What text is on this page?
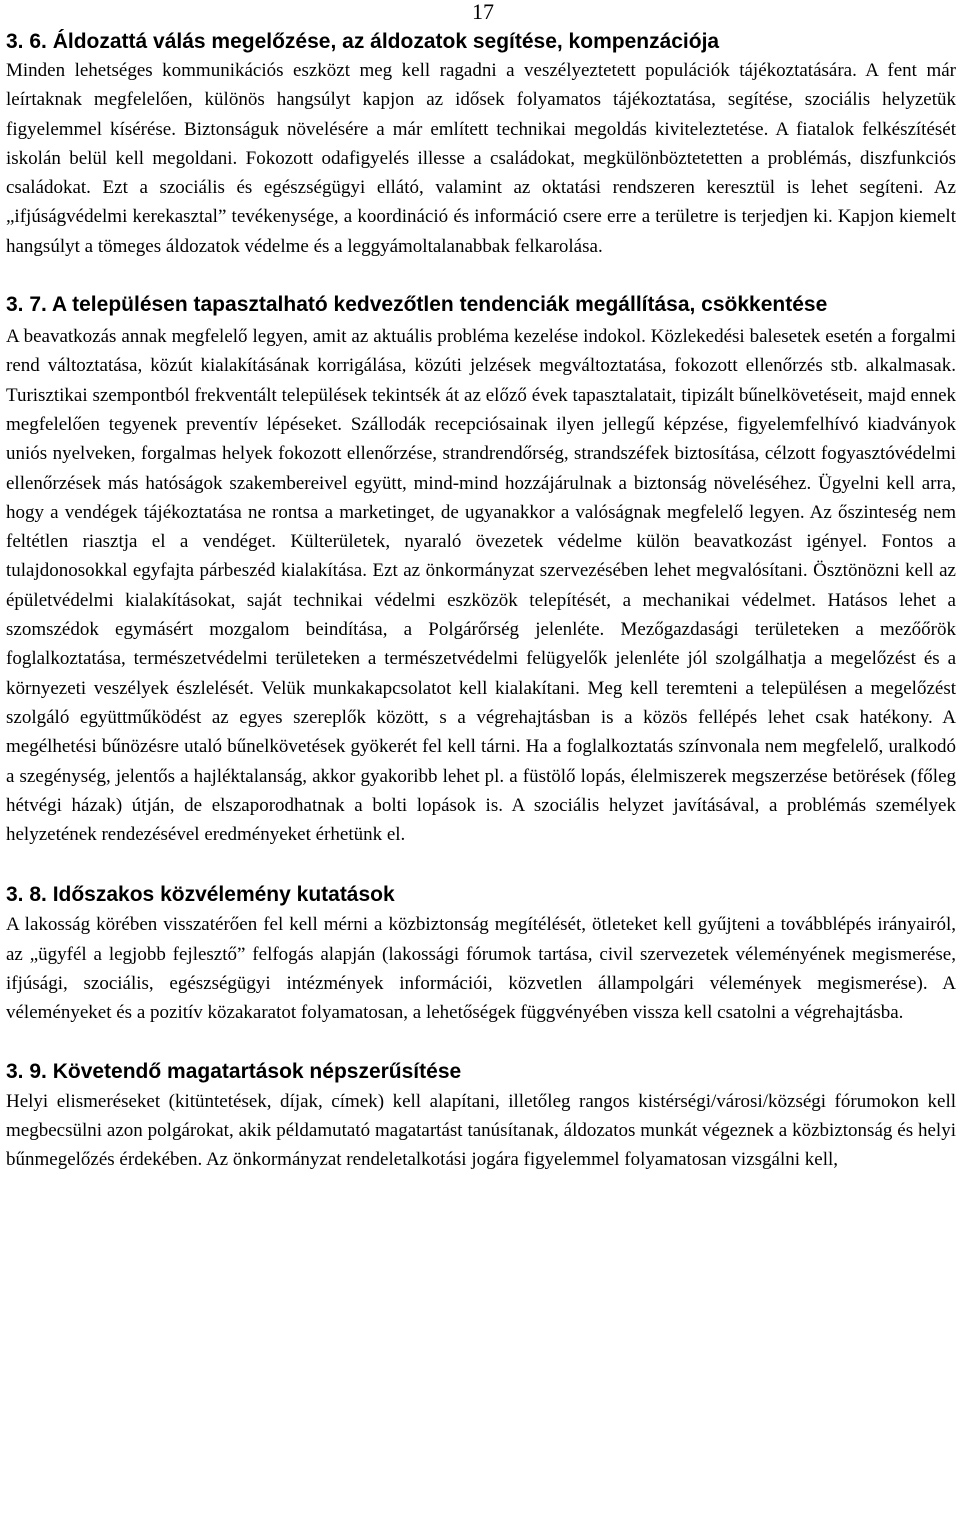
17
3. 6. Áldozattá válás megelőzése, az áldozatok segítése, kompenzációja

Minden lehetséges kommunikációs eszközt meg kell ragadni a veszélyeztetett populációk tájékoztatására. A fent már leírtaknak megfelelően, különös hangsúlyt kapjon az idősek folyamatos tájékoztatása, segítése, szociális helyzetük figyelemmel kísérése. Biztonságuk növelésére a már említett technikai megoldás kiviteleztetése. A fiatalok felkészítését iskolán belül kell megoldani. Fokozott odafigyelés illesse a családokat, megkülönböztetetten a problémás, diszfunkciós családokat. Ezt a szociális és egészségügyi ellátó, valamint az oktatási rendszeren keresztül is lehet segíteni. Az „ifjúságvédelmi kerekasztal” tevékenysége, a koordináció és információ csere erre a területre is terjedjen ki. Kapjon kiemelt hangsúlyt a tömeges áldozatok védelme és a leggyámoltalanabbak felkarolása.

3. 7. A településen tapasztalható kedvezőtlen tendenciák megállítása, csökkentése

A beavatkozás annak megfelelő legyen, amit az aktuális probléma kezelése indokol. Közlekedési balesetek esetén a forgalmi rend változtatása, közút kialakításának korrigálása, közúti jelzések megváltoztatása, fokozott ellenőrzés stb. alkalmasak. Turisztikai szempontból frekventált települések tekintsék át az előző évek tapasztalatait, tipizált bűnelkövetéseit, majd ennek megfelelően tegyenek preventív lépéseket. Szállodák recepciósainak ilyen jellegű képzése, figyelemfelhívó kiadványok uniós nyelveken, forgalmas helyek fokozott ellenőrzése, strandrendőrség, strandszéfek biztosítása, célzott fogyasztóvédelmi ellenőrzések más hatóságok szakembereivel együtt, mind-mind hozzájárulnak a biztonság növeléséhez. Ügyelni kell arra, hogy a vendégek tájékoztatása ne rontsa a marketinget, de ugyanakkor a valóságnak megfelelő legyen. Az őszinteség nem feltétlen riasztja el a vendéget. Külterületek, nyaraló övezetek védelme külön beavatkozást igényel. Fontos a tulajdonosokkal egyfajta párbeszéd kialakítása. Ezt az önkormányzat szervezésében lehet megvalósítani. Ösztönözni kell az épületvédelmi kialakításokat, saját technikai védelmi eszközök telepítését, a mechanikai védelmet. Hatásos lehet a szomszédok egymásért mozgalom beindítása, a Polgárőrség jelenléte. Mezőgazdasági területeken a mezőőrök foglalkoztatása, természetvédelmi területeken a természetvédelmi felügyelők jelenléte jól szolgálhatja a megelőzést és a környezeti veszélyek észlelését. Velük munkakapcsolatot kell kialakítani. Meg kell teremteni a településen a megelőzést szolgáló együttműködést az egyes szereplők között, s a végrehajtásban is a közös fellépés lehet csak hatékony. A megélhetési bűnözésre utaló bűnelkövetések gyökerét fel kell tárni. Ha a foglalkoztatás színvonala nem megfelelő, uralkodó a szegénység, jelentős a hajléktalanság, akkor gyakoribb lehet pl. a füstölő lopás, élelmiszerek megszerzése betörések (főleg hétvégi házak) útján, de elszaporodhatnak a bolti lopások is. A szociális helyzet javításával, a problémás személyek helyzetének rendezésével eredményeket érhetünk el.

3. 8. Időszakos közvélemény kutatások

A lakosság körében visszatérően fel kell mérni a közbiztonság megítélését, ötleteket kell gyűjteni a továbblépés irányairól, az „ügyfél a legjobb fejlesztő” felfogás alapján (lakossági fórumok tartása, civil szervezetek véleményének megismerése, ifjúsági, szociális, egészségügyi intézmények információi, közvetlen állampolgári vélemények megismerése). A véleményeket és a pozitív közakaratot folyamatosan, a lehetőségek függvényében vissza kell csatolni a végrehajtásba.

3. 9. Követendő magatartások népszerűsítése

Helyi elismeréseket (kitüntetések, díjak, címek) kell alapítani, illetőleg rangos kistérségi/városi/községi fórumokon kell megbecsülni azon polgárokat, akik példamutató magatartást tanúsítanak, áldozatos munkát végeznek a közbiztonság és helyi bűnmegelőzés érdekében. Az önkormányzat rendeletalkotási jogára figyelemmel folyamatosan vizsgálni kell,
